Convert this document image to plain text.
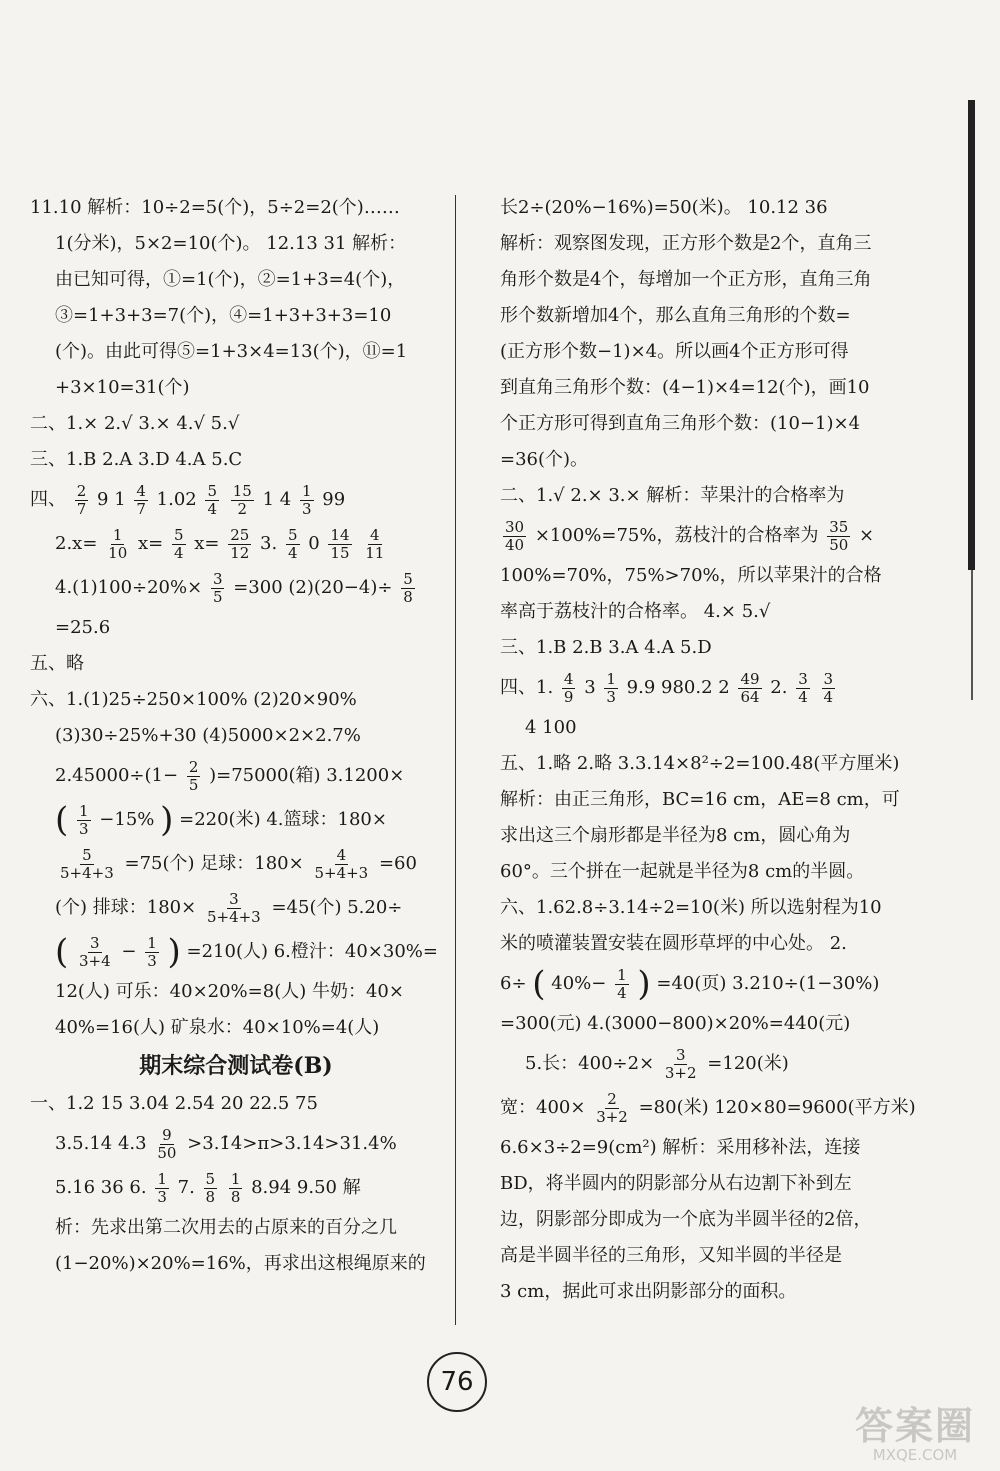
11.10 解析：10÷2=5(个)，5÷2=2(个)……
1(分米)，5×2=10(个)。 12.13 31 解析：
由已知可得，①=1(个)，②=1+3=4(个)，
③=1+3+3=7(个)，④=1+3+3+3=10
(个)。由此可得⑤=1+3×4=13(个)，⑪=1
+3×10=31(个)
二、1.× 2.√ 3.× 4.√ 5.√
三、1.B 2.A 3.D 4.A 5.C
四、 $\frac{2}{7} 9$ $1 \frac{4}{7} 1.02 \frac{5}{4}$
$\frac{15}{2} 1$ $4 \frac{1}{3} 99$
$2.x= \frac{1}{10} x= \frac{5}{4} x= \frac{25}{12} 3$. $\frac{5}{4} 0 \frac{14}{15}$
$\frac{4}{11}$
$4.(1)100\div 20\%\times \frac{3}{5} =300$ $(2)(20-4)\div \frac{5}{8}$
=25.6
五、略
六、1.(1)25÷250×100% (2)20×90%
(3)30÷25%+30 (4)5000×2×2.7%
$2.45000\div(1- \frac{2}{5} )=75000$(箱) 3.1200×
( $\frac{1}{3} -15\%$ ) =220(米) 4.篮球：180×
$\frac{5}{5+4+3} =75$(个) 足球：$180\times \frac{4}{5+4+3} =60$
(个) 排球：$180\times \frac{3}{5+4+3} =45$(个) 5.20÷
( $\frac{3}{3+4} - \frac{1}{3}$ ) =210(人) 6.橙汁：40×30%=
12(人) 可乐：40×20%=8(人) 牛奶：40×
40%=16(人) 矿泉水：40×10%=4(人)
期末综合测试卷(B)
一、1.2 15 3.04 2.54 20 22.5 75
3.5.14 $4.3 \frac{9}{50}$ >3.1̇4>π>3.14>31.4%
5.16 36 6. $\frac{1}{3} 7$. $\frac{5}{8}$
$\frac{1}{8} 8.94$ 9.50 解
析：先求出第二次用去的占原来的百分之几
(1−20%)×20%=16%，再求出这根绳原来的
长2÷(20%−16%)=50(米)。 10.12 36
解析：观察图发现，正方形个数是2个，直角三
角形个数是4个，每增加一个正方形，直角三角
形个数新增加4个，那么直角三角形的个数=
(正方形个数−1)×4。所以画4个正方形可得
到直角三角形个数：(4−1)×4=12(个)，画10
个正方形可得到直角三角形个数：(10−1)×4
=36(个)。
二、1.√ 2.× 3.× 解析：苹果汁的合格率为
$\frac{30}{40} \times 100\%=75\%$，荔枝汁的合格率为 $\frac{35}{50}$ ×
100%=70%，75%>70%，所以苹果汁的合格
率高于荔枝汁的合格率。 4.× 5.√
三、1.B 2.B 3.A 4.A 5.D
四、1. $\frac{4}{9} 3 \frac{1}{3} 9.9$ 980.2 $2 \frac{49}{64} 2$. $\frac{3}{4}$
$\frac{3}{4}$
4 100
五、1.略 2.略 3.3.14×8²÷2=100.48(平方厘米)
解析：由正三角形，BC=16 cm，AE=8 cm，可
求出这三个扇形都是半径为8 cm，圆心角为
60°。三个拼在一起就是半径为8 cm的半圆。
六、1.62.8÷3.14÷2=10(米) 所以选射程为10
米的喷灌装置安装在圆形草坪的中心处。 2.
6÷ ( $40\%- \frac{1}{4}$ ) =40(页) 3.210÷(1−30%)
=300(元) 4.(3000−800)×20%=440(元)
5.长：$400\div 2\times \frac{3}{3+2} =120$(米)
宽：$400\times \frac{2}{3+2} =80$(米) 120×80=9600(平方米)
6.6×3÷2=9(cm²) 解析：采用移补法，连接
BD，将半圆内的阴影部分从右边割下补到左
边，阴影部分即成为一个底为半圆半径的2倍，
高是半圆半径的三角形，又知半圆的半径是
3 cm，据此可求出阴影部分的面积。
76
答案圈
MXQE.COM
